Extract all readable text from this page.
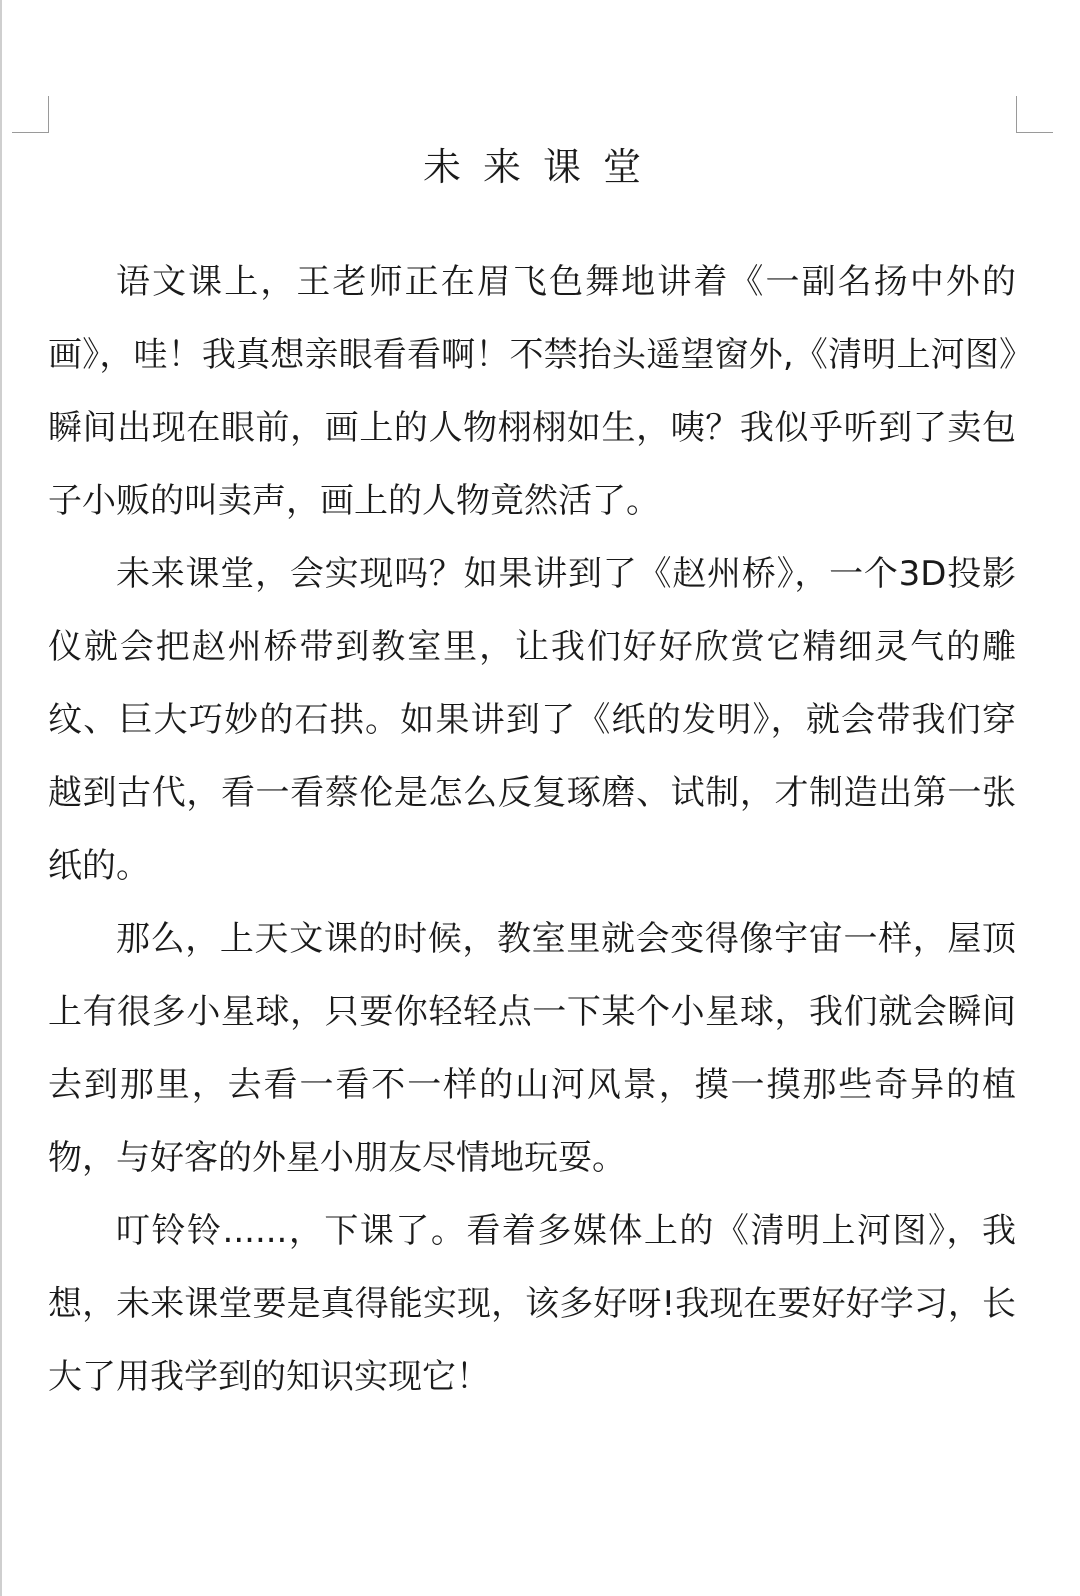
未来课堂

语文课上，王老师正在眉飞色舞地讲着《一副名扬中外的画》，哇！我真想亲眼看看啊！不禁抬头遥望窗外,《清明上河图》瞬间出现在眼前，画上的人物栩栩如生，咦？我似乎听到了卖包子小贩的叫卖声，画上的人物竟然活了。

未来课堂，会实现吗？如果讲到了《赵州桥》，一个3D投影仪就会把赵州桥带到教室里，让我们好好欣赏它精细灵气的雕纹、巨大巧妙的石拱。如果讲到了《纸的发明》，就会带我们穿越到古代，看一看蔡伦是怎么反复琢磨、试制，才制造出第一张纸的。

那么，上天文课的时候，教室里就会变得像宇宙一样，屋顶上有很多小星球，只要你轻轻点一下某个小星球，我们就会瞬间去到那里，去看一看不一样的山河风景，摸一摸那些奇异的植物，与好客的外星小朋友尽情地玩耍。

叮铃铃......，下课了。看着多媒体上的《清明上河图》，我想，未来课堂要是真得能实现，该多好呀!我现在要好好学习，长大了用我学到的知识实现它！
